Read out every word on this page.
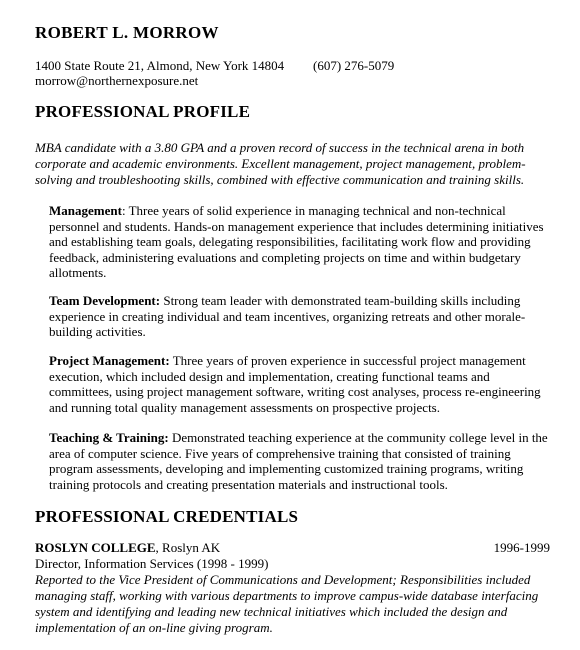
ROBERT L. MORROW
1400 State Route 21, Almond, New York 14804 (607) 276-5079
morrow@northernexposure.net
PROFESSIONAL PROFILE

MBA candidate with a 3.80 GPA and a proven record of success in the technical arena in both corporate and academic environments. Excellent management, project management, problem-solving and troubleshooting skills, combined with effective communication and training skills.

Management: Three years of solid experience in managing technical and non-technical personnel and students. Hands-on management experience that includes determining initiatives and establishing team goals, delegating responsibilities, facilitating work flow and providing feedback, administering evaluations and completing projects on time and within budgetary allotments.

Team Development: Strong team leader with demonstrated team-building skills including experience in creating individual and team incentives, organizing retreats and other morale-building activities.

Project Management: Three years of proven experience in successful project management execution, which included design and implementation, creating functional teams and committees, using project management software, writing cost analyses, process re-engineering and running total quality management assessments on prospective projects.

Teaching & Training: Demonstrated teaching experience at the community college level in the area of computer science. Five years of comprehensive training that consisted of training program assessments, developing and implementing customized training programs, writing training protocols and creating presentation materials and instructional tools.

PROFESSIONAL CREDENTIALS
ROSLYN COLLEGE, Roslyn AK	1996-1999
Director, Information Services (1998 - 1999)

Reported to the Vice President of Communications and Development; Responsibilities included managing staff, working with various departments to improve campus-wide database interfacing system and identifying and leading new technical initiatives which included the design and implementation of an on-line giving program.
